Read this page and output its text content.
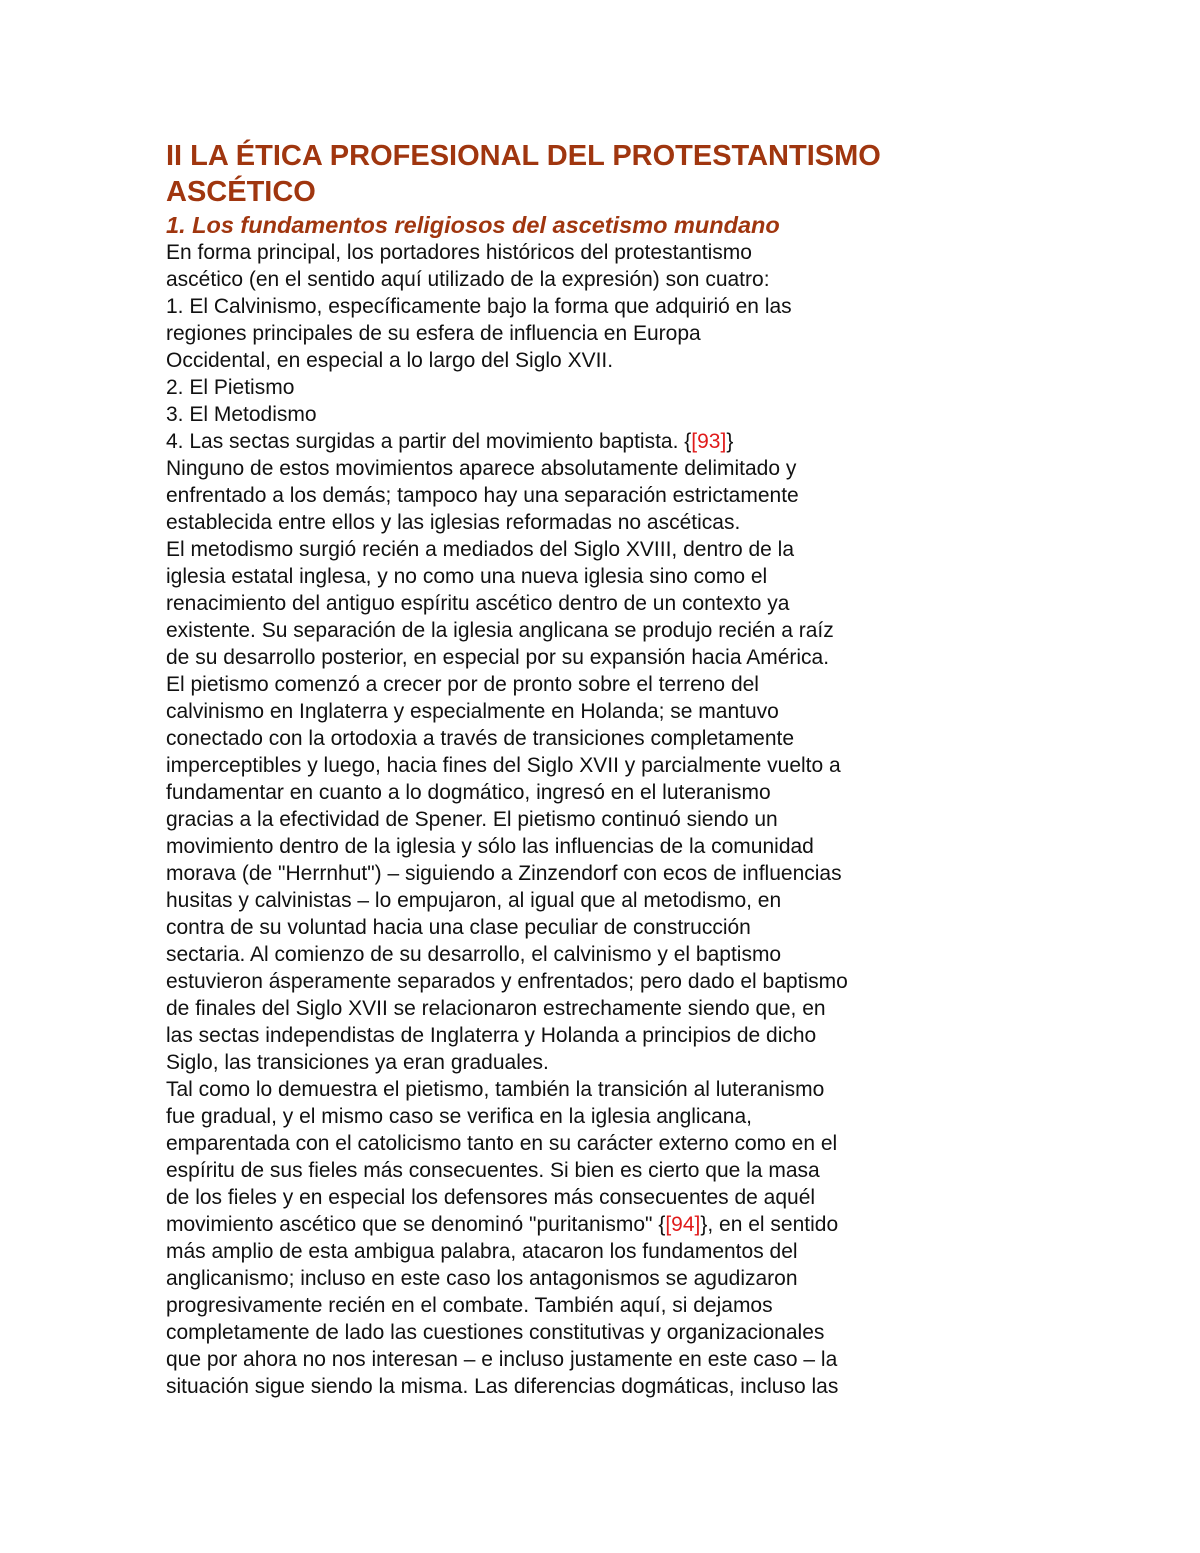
II LA ÉTICA PROFESIONAL DEL PROTESTANTISMO
ASCÉTICO
1. Los fundamentos religiosos del ascetismo mundano
En forma principal, los portadores históricos del protestantismo
ascético (en el sentido aquí utilizado de la expresión) son cuatro:
1. El Calvinismo, específicamente bajo la forma que adquirió en las
regiones principales de su esfera de influencia en Europa
Occidental, en especial a lo largo del Siglo XVII.
2. El Pietismo
3. El Metodismo
4. Las sectas surgidas a partir del movimiento baptista. {[93]}
Ninguno de estos movimientos aparece absolutamente delimitado y
enfrentado a los demás; tampoco hay una separación estrictamente
establecida entre ellos y las iglesias reformadas no ascéticas.
El metodismo surgió recién a mediados del Siglo XVIII, dentro de la
iglesia estatal inglesa, y no como una nueva iglesia sino como el
renacimiento del antiguo espíritu ascético dentro de un contexto ya
existente. Su separación de la iglesia anglicana se produjo recién a raíz
de su desarrollo posterior, en especial por su expansión hacia América.
El pietismo comenzó a crecer por de pronto sobre el terreno del
calvinismo en Inglaterra y especialmente en Holanda; se mantuvo
conectado con la ortodoxia a través de transiciones completamente
imperceptibles y luego, hacia fines del Siglo XVII y parcialmente vuelto a
fundamentar en cuanto a lo dogmático, ingresó en el luteranismo
gracias a la efectividad de Spener. El pietismo continuó siendo un
movimiento dentro de la iglesia y sólo las influencias de la comunidad
morava (de "Herrnhut") – siguiendo a Zinzendorf con ecos de influencias
husitas y calvinistas – lo empujaron, al igual que al metodismo, en
contra de su voluntad hacia una clase peculiar de construcción
sectaria. Al comienzo de su desarrollo, el calvinismo y el baptismo
estuvieron ásperamente separados y enfrentados; pero dado el baptismo
de finales del Siglo XVII se relacionaron estrechamente siendo que, en
las sectas independistas de Inglaterra y Holanda a principios de dicho
Siglo, las transiciones ya eran graduales.
Tal como lo demuestra el pietismo, también la transición al luteranismo
fue gradual, y el mismo caso se verifica en la iglesia anglicana,
emparentada con el catolicismo tanto en su carácter externo como en el
espíritu de sus fieles más consecuentes. Si bien es cierto que la masa
de los fieles y en especial los defensores más consecuentes de aquél
movimiento ascético que se denominó "puritanismo" {[94]}, en el sentido
más amplio de esta ambigua palabra, atacaron los fundamentos del
anglicanismo; incluso en este caso los antagonismos se agudizaron
progresivamente recién en el combate. También aquí, si dejamos
completamente de lado las cuestiones constitutivas y organizacionales
que por ahora no nos interesan – e incluso justamente en este caso – la
situación sigue siendo la misma. Las diferencias dogmáticas, incluso las
